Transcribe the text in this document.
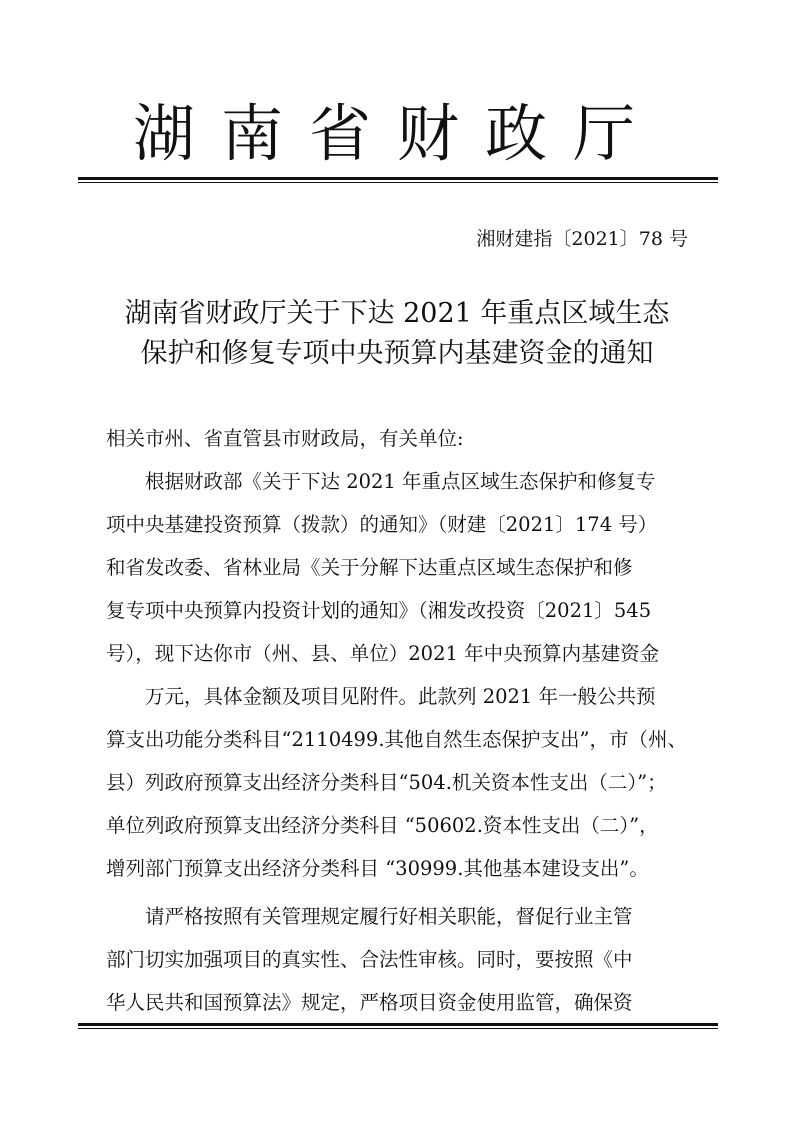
湖南省财政厅
湘财建指〔2021〕78 号
湖南省财政厅关于下达 2021 年重点区域生态
保护和修复专项中央预算内基建资金的通知
相关市州、省直管县市财政局，有关单位:
根据财政部《关于下达 2021 年重点区域生态保护和修复专
项中央基建投资预算（拨款）的通知》（财建〔2021〕174 号）
和省发改委、省林业局《关于分解下达重点区域生态保护和修
复专项中央预算内投资计划的通知》（湘发改投资〔2021〕545
号），现下达你市（州、县、单位）2021 年中央预算内基建资金
万元，具体金额及项目见附件。此款列 2021 年一般公共预
算支出功能分类科目“2110499.其他自然生态保护支出”，市（州、
县）列政府预算支出经济分类科目“504.机关资本性支出（二）”；
单位列政府预算支出经济分类科目 “50602.资本性支出（二）”，
增列部门预算支出经济分类科目 “30999.其他基本建设支出”。
请严格按照有关管理规定履行好相关职能，督促行业主管
部门切实加强项目的真实性、合法性审核。同时，要按照《中
华人民共和国预算法》规定，严格项目资金使用监管，确保资
